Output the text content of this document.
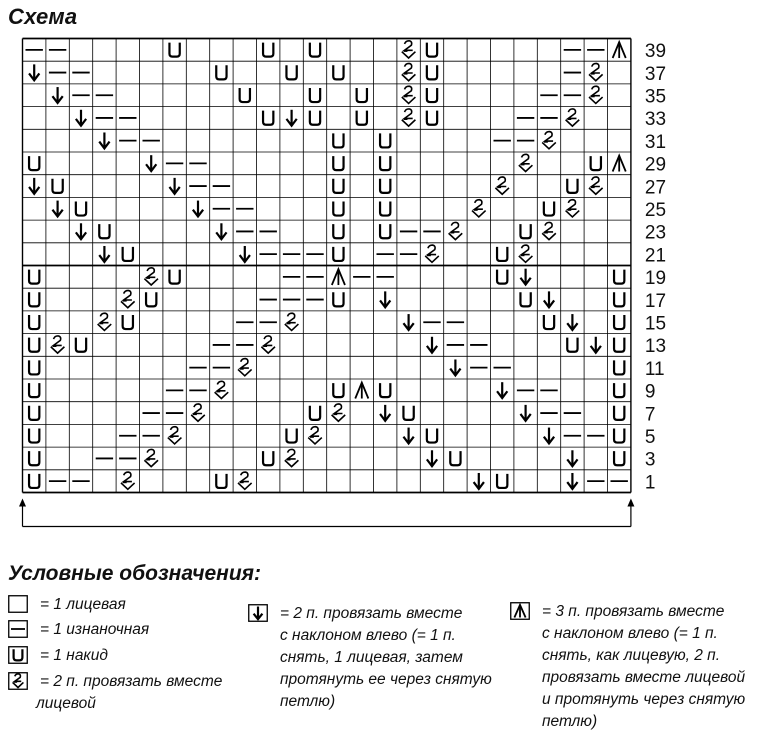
Схема
39
37
35
33
31
29
27
25
23
21
19
17
15
13
11
9
7
5
3
1
Условные обозначения:
= 1 лицевая
= 1 изнаночная
= 1 накид
= 2 п. провязать вместе
лицевой
= 2 п. провязать вместе
с наклоном влево (= 1 п.
снять, 1 лицевая, затем
протянуть ее через снятую
петлю)
= 3 п. провязать вместе
с наклоном влево (= 1 п.
снять, как лицевую, 2 п.
провязать вместе лицевой
и протянуть через снятую
петлю)
